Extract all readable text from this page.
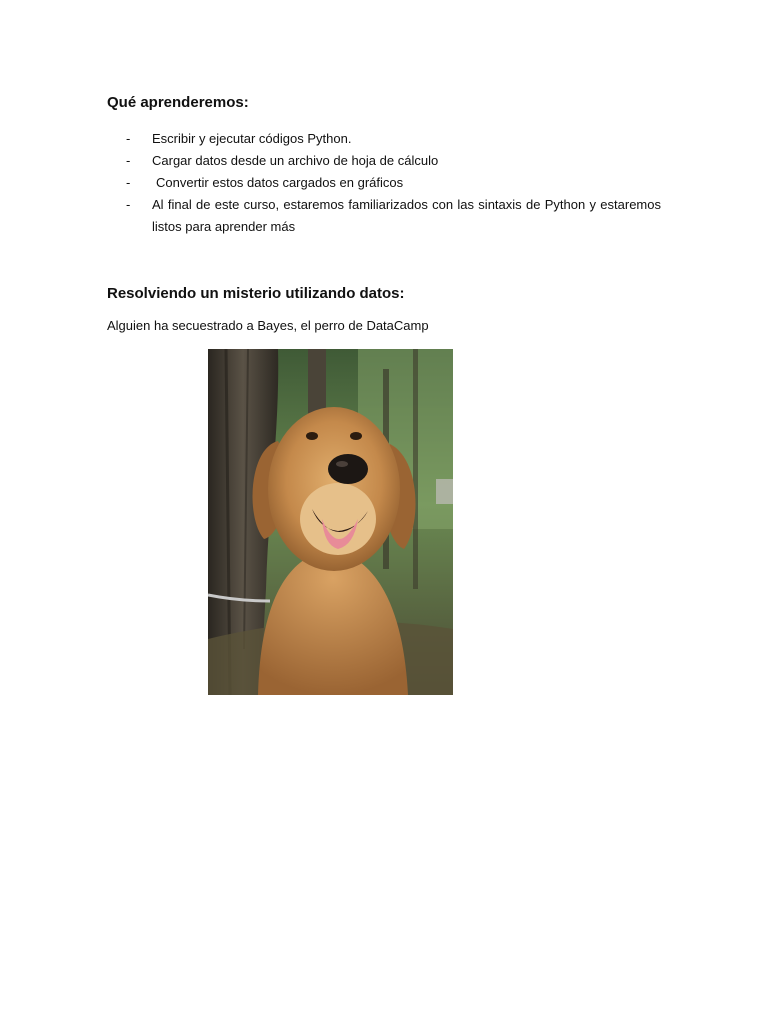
Qué aprenderemos:
- Escribir y ejecutar códigos Python.
- Cargar datos desde un archivo de hoja de cálculo
- Convertir estos datos cargados en gráficos
- Al final de este curso, estaremos familiarizados con las sintaxis de Python y estaremos listos para aprender más
Resolviendo un misterio utilizando datos:

Alguien ha secuestrado a Bayes, el perro de DataCamp
